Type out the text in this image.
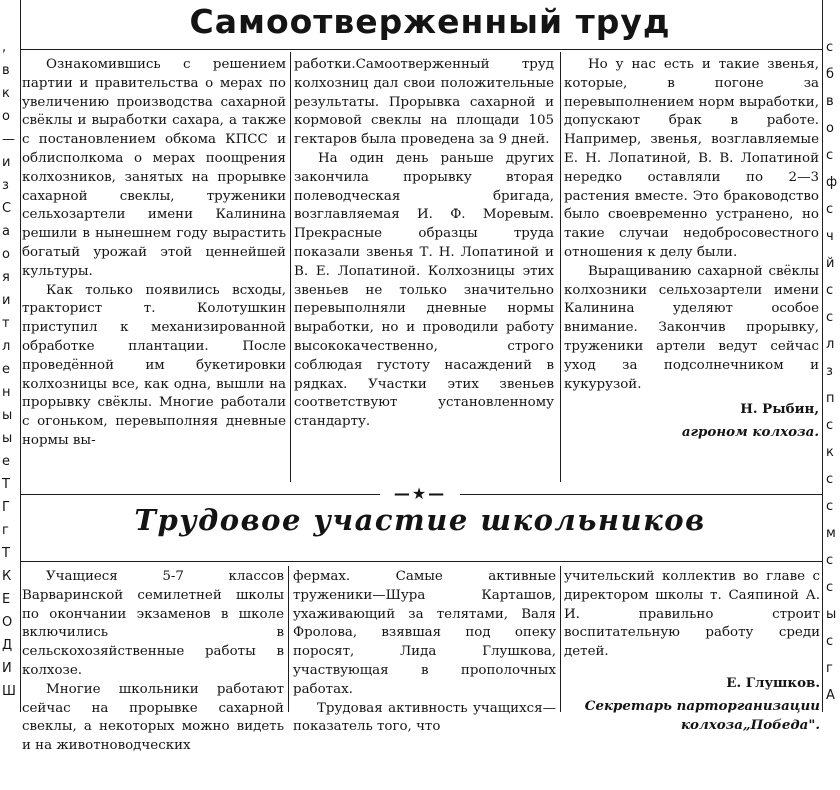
,
в
к
о
—
и
з
С
а
о
я
и
т
л
е
н
ы
ы
е
Т
Г
г
Т
К
Е
О
Д
И
Ш
с
б
в
о
с
ф
с
ч
й
с
с
л
з
п
с
к
с
с
м
с
с
ы
с
г
А
Самоотверженный труд

Ознакомившись с решением партии и правительства о мерах по увеличению производства сахарной свёклы и выработки сахара, а также с постановлением обкома КПСС и облисполкома о мерах поощрения колхозников, занятых на прорывке сахарной свеклы, труженики сельхозартели имени Калинина решили в нынешнем году вырастить богатый урожай этой ценнейшей культуры.

Как только появились всходы, тракторист т. Колотушкин приступил к механизированной обработке плантации. После проведённой им букетировки колхозницы все, как одна, вышли на прорывку свёклы. Многие работали с огоньком, перевыполняя дневные нормы вы-

работки.Самоотверженный труд колхозниц дал свои положительные результаты. Прорывка сахарной и кормовой свеклы на площади 105 гектаров была проведена за 9 дней.

На один день раньше других закончила прорывку вторая полеводческая бригада, возглавляемая И. Ф. Моревым. Прекрасные образцы труда показали звенья Т. Н. Лопатиной и В. Е. Лопатиной. Колхозницы этих звеньев не только значительно перевыполняли дневные нормы выработки, но и проводили работу высококачественно, строго соблюдая густоту насаждений в рядках. Участки этих звеньев соответствуют установленному стандарту.

Но у нас есть и такие звенья, которые, в погоне за перевыполнением норм выработки, допускают брак в работе. Например, звенья, возглавляемые Е. Н. Лопатиной, В. В. Лопатиной нередко оставляли по 2—3 растения вместе. Это браководство было своевременно устранено, но такие случаи недобросовестного отношения к делу были.

Выращиванию сахарной свёклы колхозники сельхозартели имени Калинина уделяют особое внимание. Закончив прорывку, труженики артели ведут сейчас уход за подсолнечником и кукурузой.

Н. Рыбин,

агроном колхоза.

—★—
Трудовое участие школьников

Учащиеся 5-7 классов Варваринской семилетней школы по окончании экзаменов в школе включились в сельскохозяйственные работы в колхозе.

Многие школьники работают сейчас на прорывке сахарной свеклы, а некоторых можно видеть и на животноводческих

фермах. Самые активные труженики—Шура Карташов, ухаживающий за телятами, Валя Фролова, взявшая под опеку поросят, Лида Глушкова, участвующая в прополочных работах.

Трудовая активность учащихся—показатель того, что

учительский коллектив во главе с директором школы т. Саяпиной А. И. правильно строит воспитательную работу среди детей.

Е. Глушков.

Секретарь парторганизации

колхоза„Победа".
